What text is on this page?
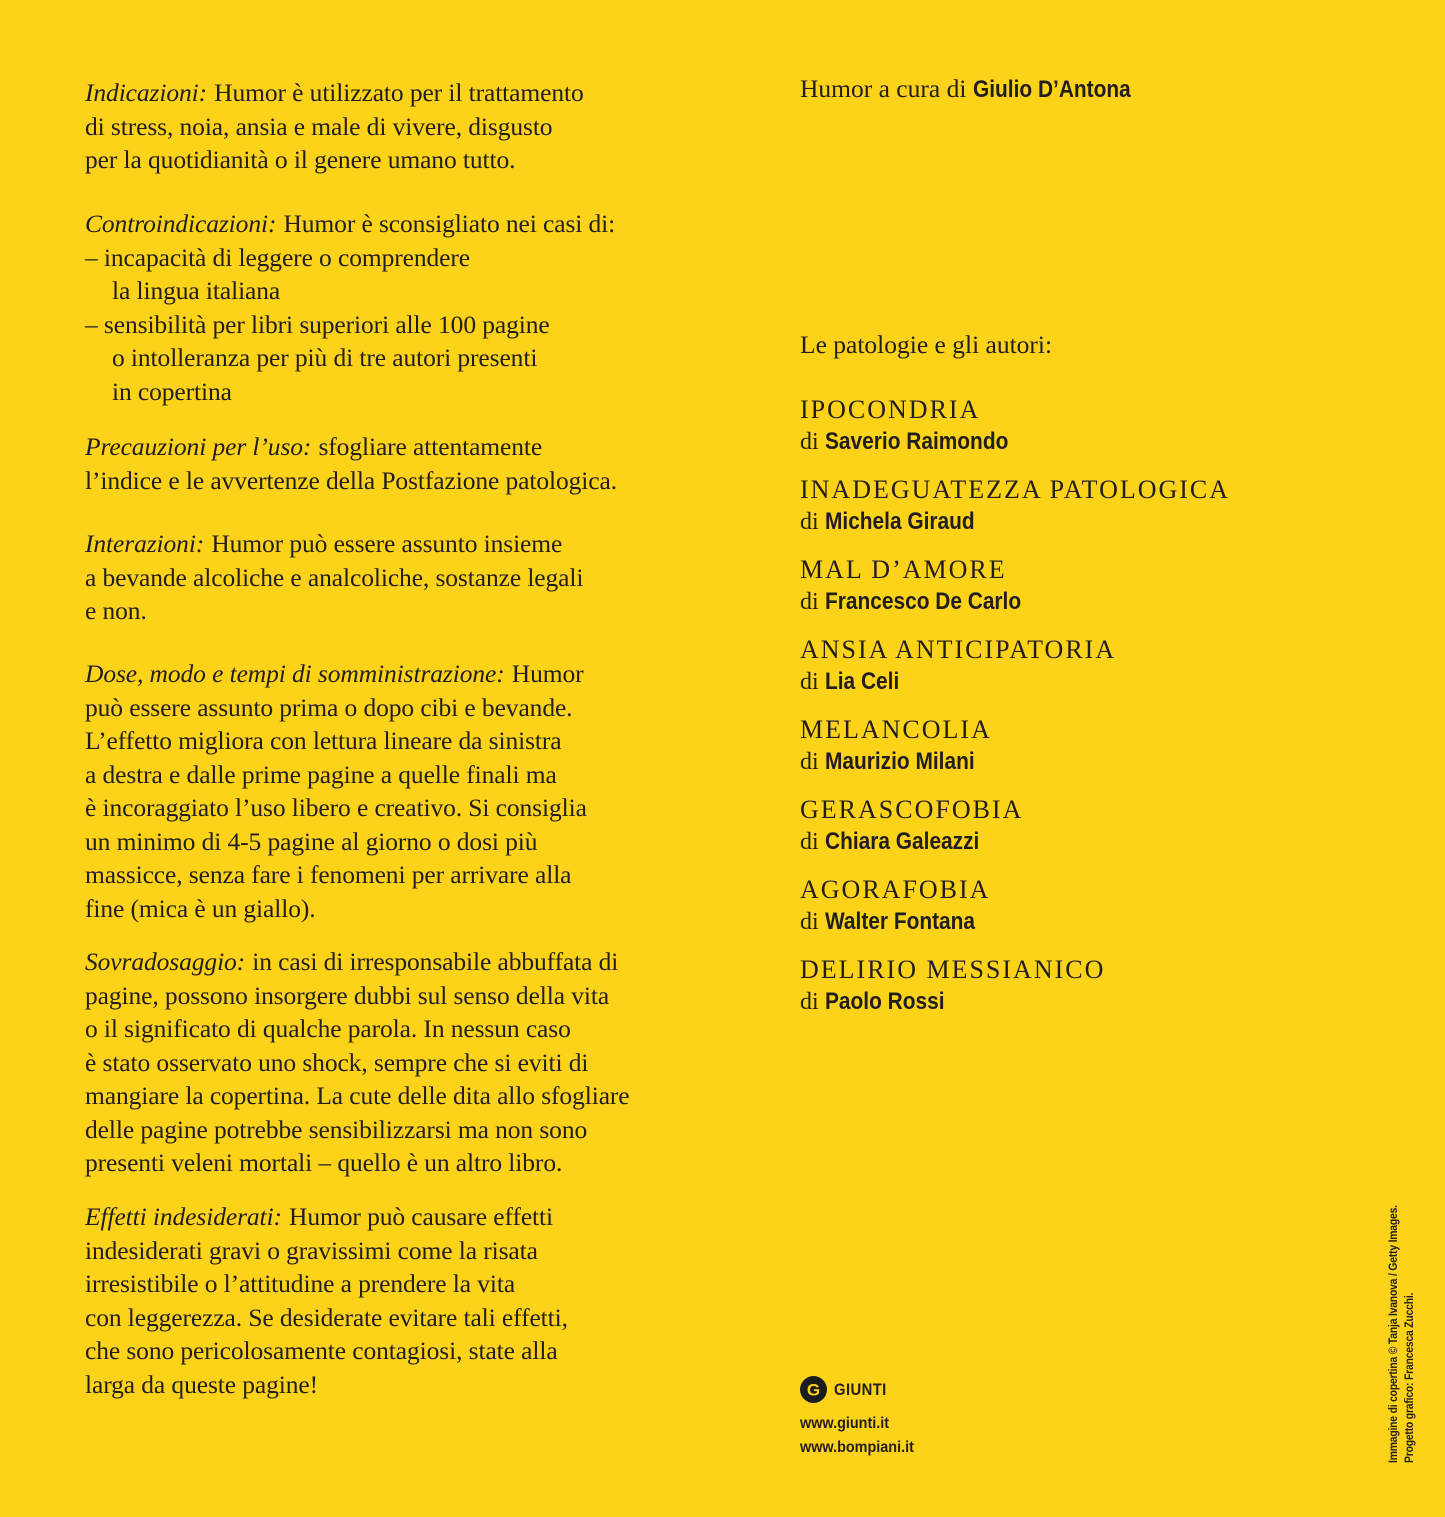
Indicazioni: Humor è utilizzato per il trattamento
di stress, noia, ansia e male di vivere, disgusto
per la quotidianità o il genere umano tutto.
Controindicazioni: Humor è sconsigliato nei casi di:
– incapacità di leggere o comprendere
la lingua italiana
– sensibilità per libri superiori alle 100 pagine
o intolleranza per più di tre autori presenti
in copertina
Precauzioni per l’uso: sfogliare attentamente
l’indice e le avvertenze della Postfazione patologica.
Interazioni: Humor può essere assunto insieme
a bevande alcoliche e analcoliche, sostanze legali
e non.
Dose, modo e tempi di somministrazione: Humor
può essere assunto prima o dopo cibi e bevande.
L’effetto migliora con lettura lineare da sinistra
a destra e dalle prime pagine a quelle finali ma
è incoraggiato l’uso libero e creativo. Si consiglia
un minimo di 4-5 pagine al giorno o dosi più
massicce, senza fare i fenomeni per arrivare alla
fine (mica è un giallo).
Sovradosaggio: in casi di irresponsabile abbuffata di
pagine, possono insorgere dubbi sul senso della vita
o il significato di qualche parola. In nessun caso
è stato osservato uno shock, sempre che si eviti di
mangiare la copertina. La cute delle dita allo sfogliare
delle pagine potrebbe sensibilizzarsi ma non sono
presenti veleni mortali – quello è un altro libro.
Effetti indesiderati: Humor può causare effetti
indesiderati gravi o gravissimi come la risata
irresistibile o l’attitudine a prendere la vita
con leggerezza. Se desiderate evitare tali effetti,
che sono pericolosamente contagiosi, state alla
larga da queste pagine!
Humor a cura di Giulio D’Antona
Le patologie e gli autori:
IPOCONDRIA
di Saverio Raimondo
INADEGUATEZZA PATOLOGICA
di Michela Giraud
MAL D’AMORE
di Francesco De Carlo
ANSIA ANTICIPATORIA
di Lia Celi
MELANCOLIA
di Maurizio Milani
GERASCOFOBIA
di Chiara Galeazzi
AGORAFOBIA
di Walter Fontana
DELIRIO MESSIANICO
di Paolo Rossi
G GIUNTI
www.giunti.it
www.bompiani.it	Immagine di copertina © Tanja Ivanova / Getty Images. Progetto grafico: Francesca Zucchi.
